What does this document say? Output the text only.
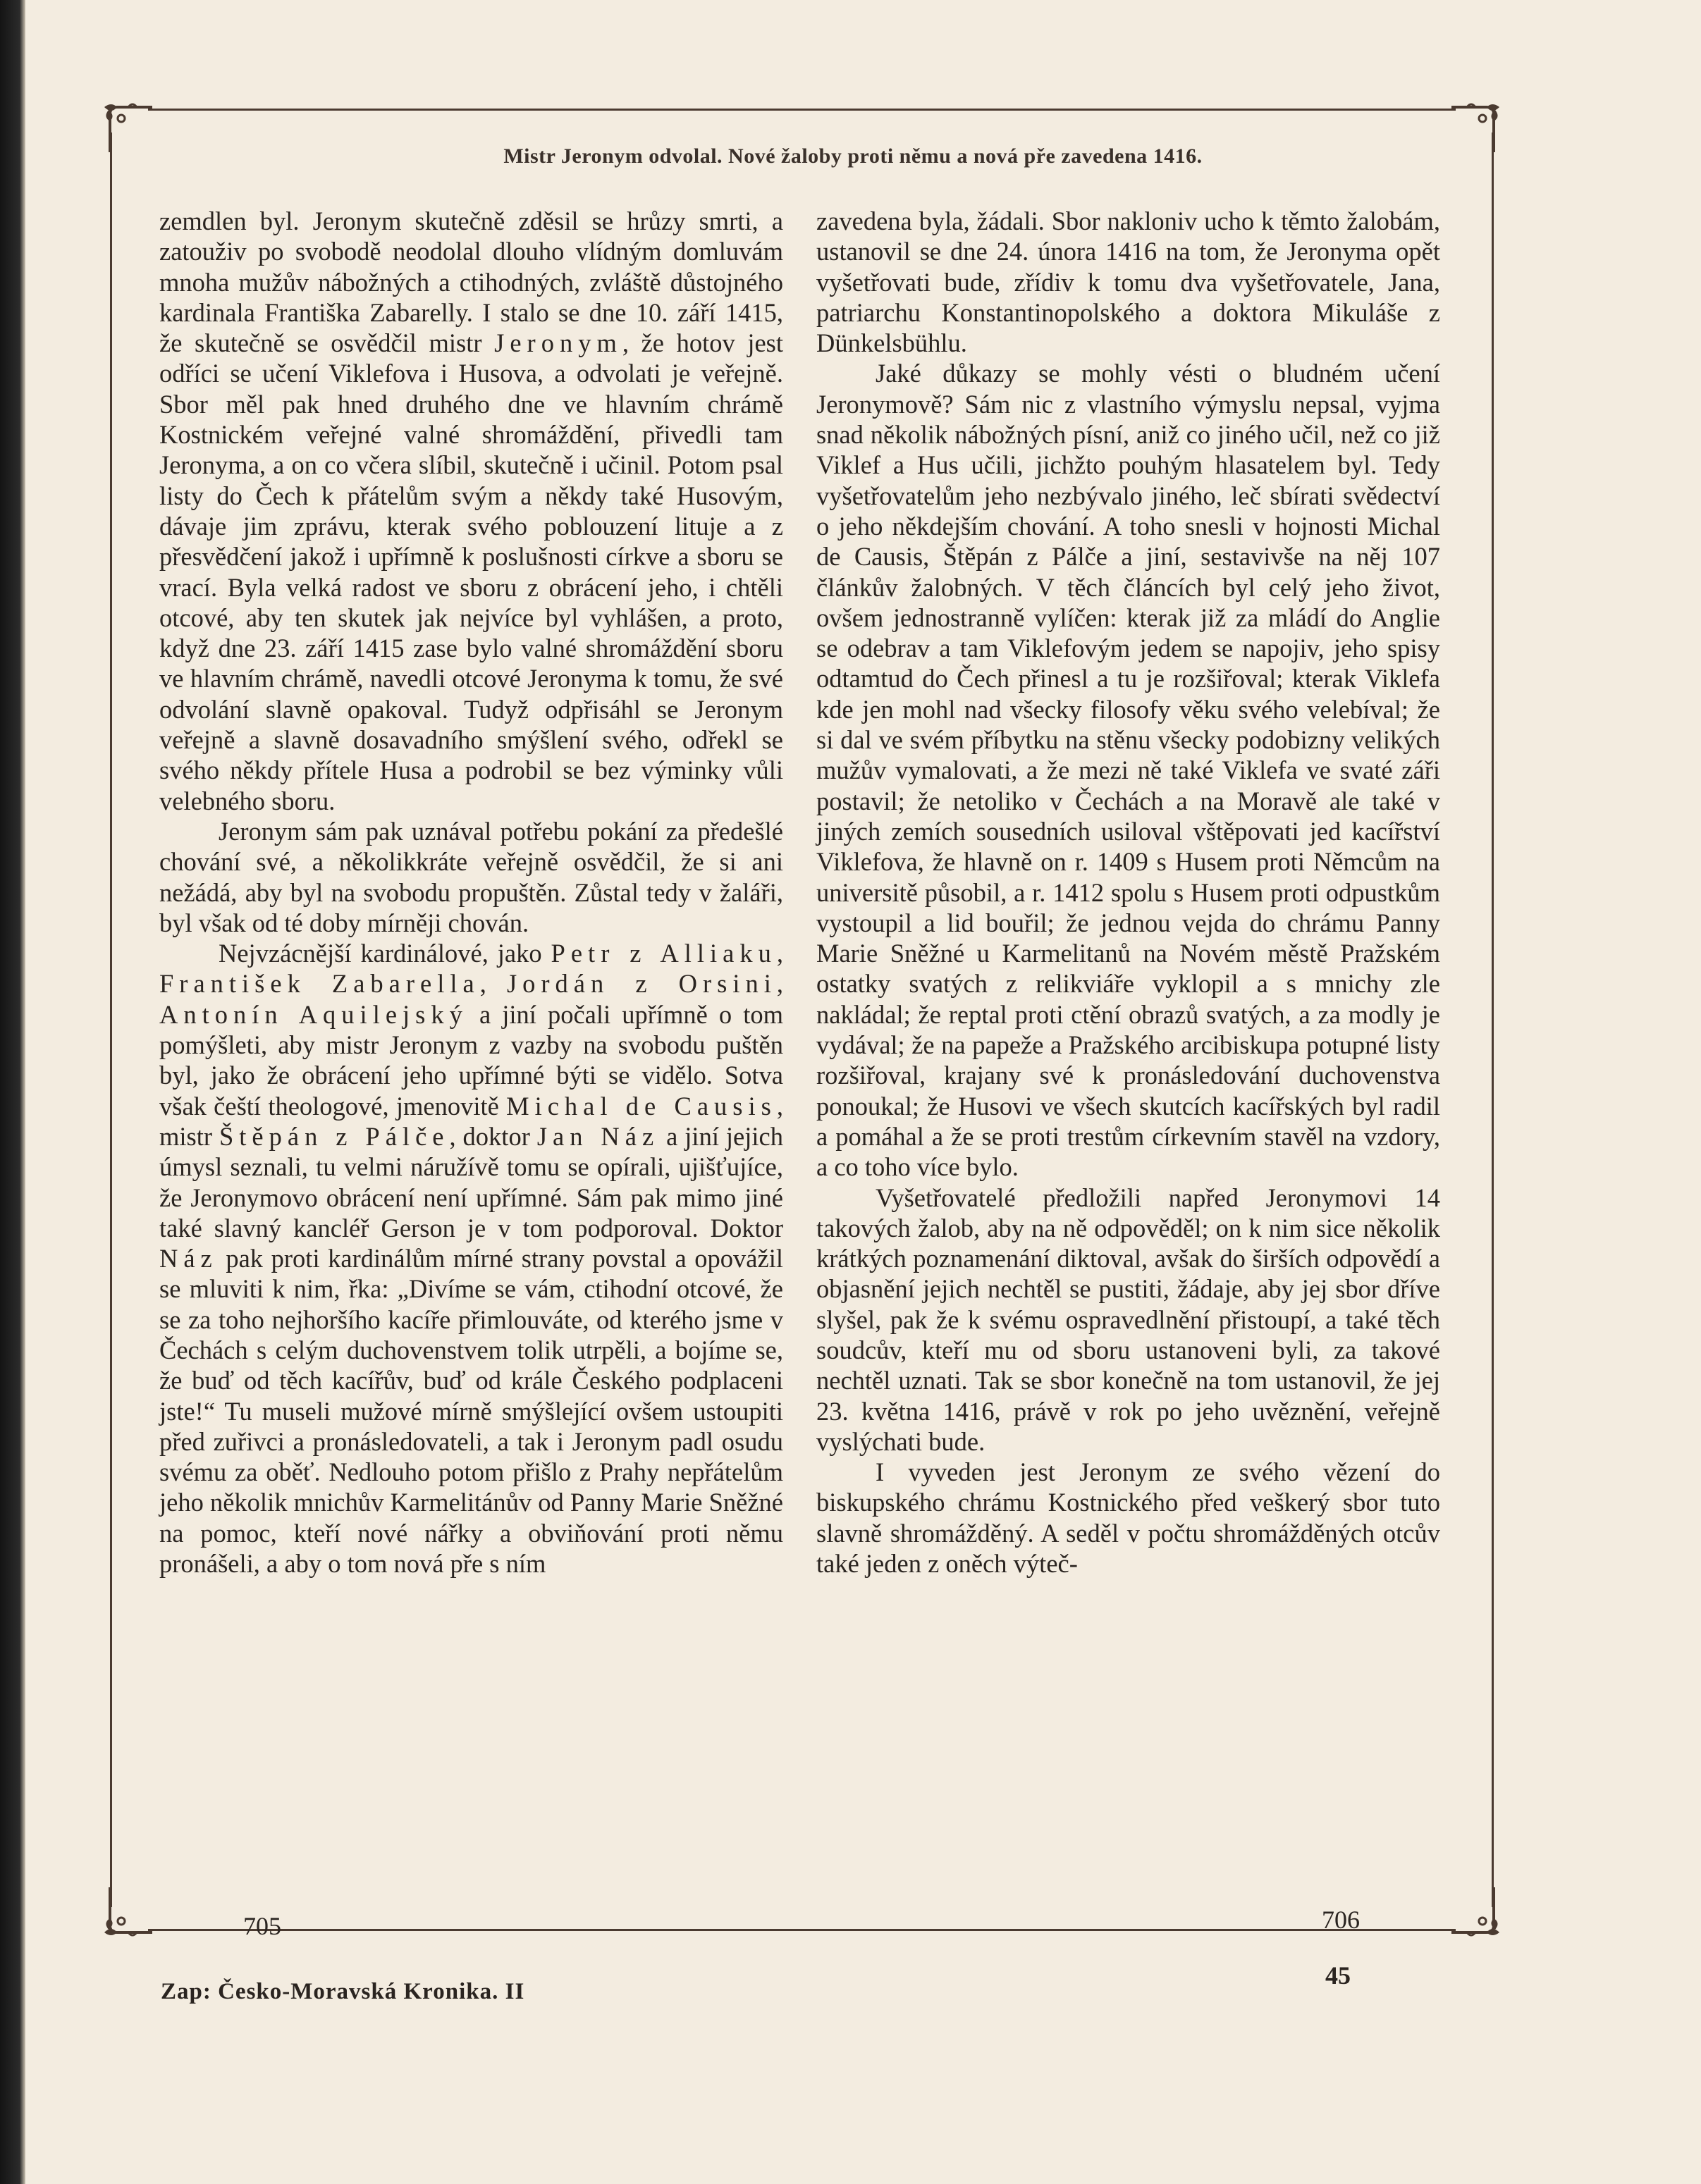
Mistr Jeronym odvolal. Nové žaloby proti němu a nová pře zavedena 1416.

zemdlen byl. Jeronym skutečně zděsil se hrůzy smrti, a zatouživ po svobodě neodolal dlouho vlídným domluvám mnoha mužův nábožných a ctihodných, zvláště důstojného kardinala Františka Zabarelly. I stalo se dne 10. září 1415, že skutečně se osvědčil mistr Jeronym, že hotov jest odříci se učení Viklefova i Husova, a odvolati je veřejně. Sbor měl pak hned druhého dne ve hlavním chrámě Kostnickém veřejné valné shromáždění, přivedli tam Jeronyma, a on co včera slíbil, skutečně i učinil. Potom psal listy do Čech k přátelům svým a někdy také Husovým, dávaje jim zprávu, kterak svého poblouzení lituje a z přesvědčení jakož i upřímně k poslušnosti církve a sboru se vrací. Byla velká radost ve sboru z obrácení jeho, i chtěli otcové, aby ten skutek jak nejvíce byl vyhlášen, a proto, když dne 23. září 1415 zase bylo valné shromáždění sboru ve hlavním chrámě, navedli otcové Jeronyma k tomu, že své odvolání slavně opakoval. Tudyž odpřisáhl se Jeronym veřejně a slavně dosavadního smýšlení svého, odřekl se svého někdy přítele Husa a podrobil se bez výminky vůli velebného sboru.

Jeronym sám pak uznával potřebu pokání za předešlé chování své, a několikkráte veřejně osvědčil, že si ani nežádá, aby byl na svobodu propuštěn. Zůstal tedy v žaláři, byl však od té doby mírněji chován.

Nejvzácnější kardinálové, jako Petr z Alliaku, František Zabarella, Jordán z Orsini, Antonín Aquilejský a jiní počali upřímně o tom pomýšleti, aby mistr Jeronym z vazby na svobodu puštěn byl, jako že obrácení jeho upřímné býti se vidělo. Sotva však čeští theologové, jmenovitě Michal de Causis, mistr Štěpán z Pálče, doktor Jan Náz a jiní jejich úmysl seznali, tu velmi náružívě tomu se opírali, ujišťujíce, že Jeronymovo obrácení není upřímné. Sám pak mimo jiné také slavný kancléř Gerson je v tom podporoval. Doktor Náz pak proti kardinálům mírné strany povstal a opovážil se mluviti k nim, řka: „Divíme se vám, ctihodní otcové, že se za toho nejhoršího kacíře přimlouváte, od kterého jsme v Čechách s celým duchovenstvem tolik utrpěli, a bojíme se, že buď od těch kacířův, buď od krále Českého podplaceni jste!“ Tu museli mužové mírně smýšlející ovšem ustoupiti před zuřivci a pronásledovateli, a tak i Jeronym padl osudu svému za oběť. Nedlouho potom přišlo z Prahy nepřátelům jeho několik mnichův Karmelitánův od Panny Marie Sněžné na pomoc, kteří nové nářky a obviňování proti němu pronášeli, a aby o tom nová pře s ním

zavedena byla, žádali. Sbor nakloniv ucho k těmto žalobám, ustanovil se dne 24. února 1416 na tom, že Jeronyma opět vyšetřovati bude, zřídiv k tomu dva vyšetřovatele, Jana, patriarchu Konstantinopolského a doktora Mikuláše z Dünkelsbühlu.

Jaké důkazy se mohly vésti o bludném učení Jeronymově? Sám nic z vlastního výmyslu nepsal, vyjma snad několik nábožných písní, aniž co jiného učil, než co již Viklef a Hus učili, jichžto pouhým hlasatelem byl. Tedy vyšetřovatelům jeho nezbývalo jiného, leč sbírati svědectví o jeho někdejším chování. A toho snesli v hojnosti Michal de Causis, Štěpán z Pálče a jiní, sestavivše na něj 107 článkův žalobných. V těch článcích byl celý jeho život, ovšem jednostranně vylíčen: kterak již za mládí do Anglie se odebrav a tam Viklefovým jedem se napojiv, jeho spisy odtamtud do Čech přinesl a tu je rozšiřoval; kterak Viklefa kde jen mohl nad všecky filosofy věku svého velebíval; že si dal ve svém příbytku na stěnu všecky podobizny velikých mužův vymalovati, a že mezi ně také Viklefa ve svaté záři postavil; že netoliko v Čechách a na Moravě ale také v jiných zemích sousedních usiloval vštěpovati jed kacířství Viklefova, že hlavně on r. 1409 s Husem proti Němcům na universitě působil, a r. 1412 spolu s Husem proti odpustkům vystoupil a lid bouřil; že jednou vejda do chrámu Panny Marie Sněžné u Karmelitanů na Novém městě Pražském ostatky svatých z relikviáře vyklopil a s mnichy zle nakládal; že reptal proti ctění obrazů svatých, a za modly je vydával; že na papeže a Pražského arcibiskupa potupné listy rozšiřoval, krajany své k pronásledování duchovenstva ponoukal; že Husovi ve všech skutcích kacířských byl radil a pomáhal a že se proti trestům církevním stavěl na vzdory, a co toho více bylo.

Vyšetřovatelé předložili napřed Jeronymovi 14 takových žalob, aby na ně odpověděl; on k nim sice několik krátkých poznamenání diktoval, avšak do širších odpovědí a objasnění jejich nechtěl se pustiti, žádaje, aby jej sbor dříve slyšel, pak že k svému ospravedlnění přistoupí, a také těch soudcův, kteří mu od sboru ustanoveni byli, za takové nechtěl uznati. Tak se sbor konečně na tom ustanovil, že jej 23. května 1416, právě v rok po jeho uvěznění, veřejně vyslýchati bude.

I vyveden jest Jeronym ze svého vězení do biskupského chrámu Kostnického před veškerý sbor tuto slavně shromážděný. A seděl v počtu shromážděných otcův také jeden z oněch výteč-

705	706
Zap: Česko-Moravská Kronika. II
45
